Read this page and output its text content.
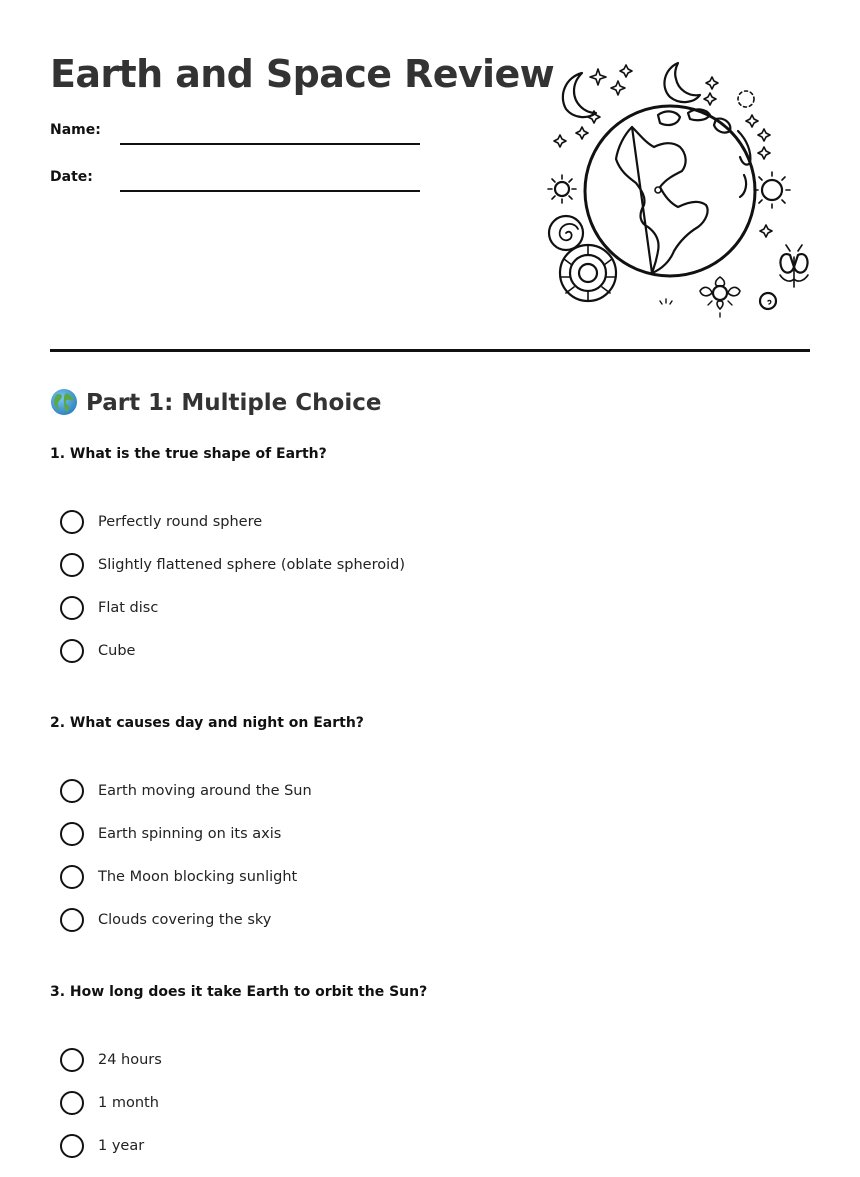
Earth and Space Review
Name:
Date:
Part 1: Multiple Choice

1. What is the true shape of Earth?

Perfectly round sphere
Slightly flattened sphere (oblate spheroid)
Flat disc
Cube

2. What causes day and night on Earth?

Earth moving around the Sun
Earth spinning on its axis
The Moon blocking sunlight
Clouds covering the sky

3. How long does it take Earth to orbit the Sun?

24 hours
1 month
1 year
